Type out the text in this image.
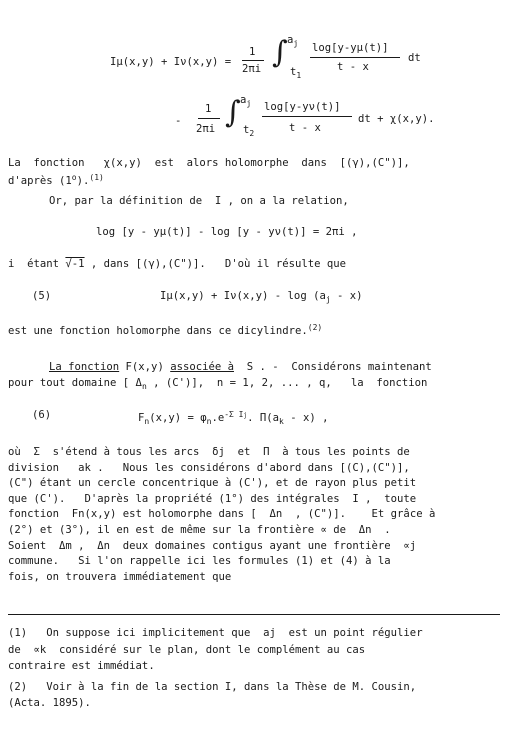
Iμ(x,y) + Iν(x,y) =
1
2πi ∫ $a_j$
$t_1$
log[y-yμ(t)]
t - x
dt
-
1
2πi ∫ $a_j$
$t_2$
log[y-yν(t)]
t - x
dt + χ(x,y).
La  fonction   χ(x,y)  est  alors holomorphe  dans  [(γ),(C")],
d'après (1$^o$).$^{(1)}$
Or, par la définition de  I , on a la relation,
log [y - yμ(t)] - log [y - yν(t)] = 2πi ,
i  étant √-1 , dans [(γ),(C")].   D'où il résulte que
(5)	$I\mu(x,y) + I\nu(x,y) - \log (a_j - x)$
est une fonction holomorphe dans ce dicylindre.$^{(2)}$
La fonction F(x,y) associée à  S . -  Considérons maintenant
pour tout domaine [ $\Delta_n$ , (C')],  n = 1, 2, ... , q,   la  fonction
(6)	$F_n(x,y) = \varphi_n.e^{-\Sigma Ij}$. $\Pi(a_k - x)$ ,
où  Σ  s'étend à tous les arcs  δj  et  Π  à tous les points de
division   ak .   Nous les considérons d'abord dans [(C),(C")],
(C") étant un cercle concentrique à (C'), et de rayon plus petit
que (C').   D'après la propriété (1°) des intégrales  I ,  toute
fonction  Fn(x,y) est holomorphe dans [  Δn  , (C")].    Et grâce à
(2°) et (3°), il en est de même sur la frontière ∝ de  Δn  .
Soient  Δm ,  Δn  deux domaines contigus ayant une frontière  ∝j
commune.   Si l'on rappelle ici les formules (1) et (4) à la
fois, on trouvera immédiatement que
(1)   On suppose ici implicitement que  aj  est un point régulier
de  ∝k  considéré sur le plan, dont le complément au cas
contraire est immédiat.
(2)   Voir à la fin de la section I, dans la Thèse de M. Cousin,
(Acta. 1895).
